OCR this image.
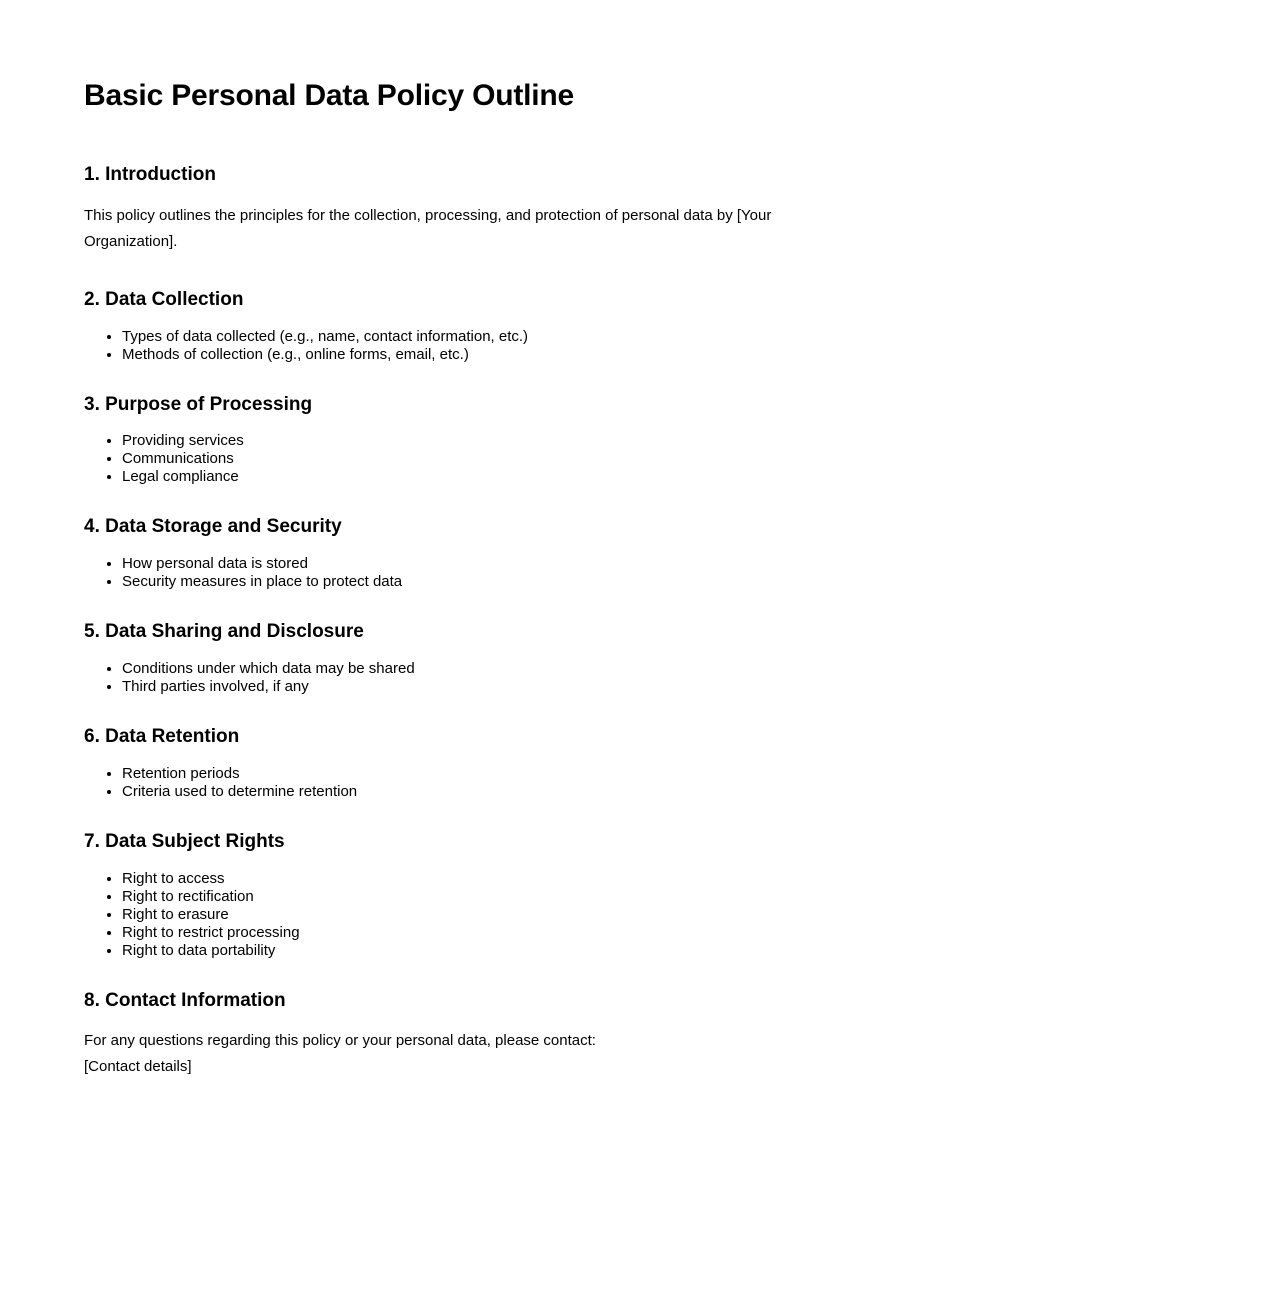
Basic Personal Data Policy Outline
1. Introduction

This policy outlines the principles for the collection, processing, and protection of personal data by [Your Organization].

2. Data Collection
• Types of data collected (e.g., name, contact information, etc.)
• Methods of collection (e.g., online forms, email, etc.)
3. Purpose of Processing
• Providing services
• Communications
• Legal compliance
4. Data Storage and Security
• How personal data is stored
• Security measures in place to protect data
5. Data Sharing and Disclosure
• Conditions under which data may be shared
• Third parties involved, if any
6. Data Retention
• Retention periods
• Criteria used to determine retention
7. Data Subject Rights
• Right to access
• Right to rectification
• Right to erasure
• Right to restrict processing
• Right to data portability
8. Contact Information

For any questions regarding this policy or your personal data, please contact:

[Contact details]
